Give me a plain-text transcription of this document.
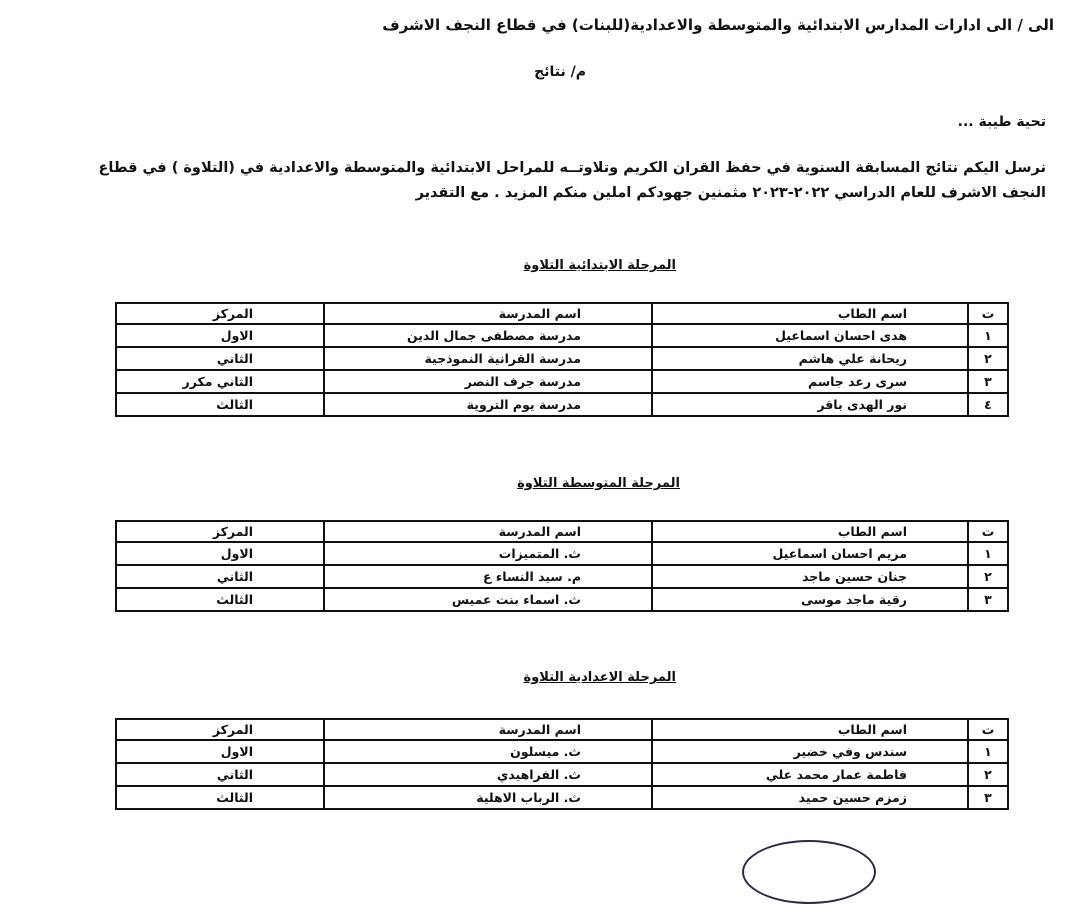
الى / الى ادارات المدارس الابتدائية والمتوسطة والاعدادية(للبنات) في قطاع النجف الاشرف
م/ نتائج
تحية طيبة ...
نرسل اليكم نتائج المسابقة السنوية في حفظ القران الكريم وتلاوتــه للمراحل الابتدائية والمتوسطة والاعدادية في (التلاوة ) في قطاع
النجف الاشرف للعام الدراسي ٢٠٢٢-٢٠٢٣ مثمنين جهودكم املين منكم المزيد . مع التقدير
المرحلة الابتدائية التلاوة
ت	اسم الطاب	اسم المدرسة	المركز
١	هدى احسان اسماعيل	مدرسة مصطفى جمال الدين	الاول
٢	ريحانة علي هاشم	مدرسة القرانية النموذجية	الثاني
٣	سرى رعد جاسم	مدرسة جرف النصر	الثاني مكرر
٤	نور الهدى باقر	مدرسة يوم التروية	الثالث
المرحلة المتوسطة التلاوة
ت	اسم الطاب	اسم المدرسة	المركز
١	مريم احسان اسماعيل	ث. المتميزات	الاول
٢	جنان حسين ماجد	م. سيد النساء ع	الثاني
٣	رقية ماجد موسى	ث. اسماء بنت عميس	الثالث
المرحلة الاعدادية التلاوة
ت	اسم الطاب	اسم المدرسة	المركز
١	سندس وفي خضير	ث. ميسلون	الاول
٢	فاطمة عمار محمد علي	ث. الفراهيدي	الثاني
٣	زمزم حسين حميد	ث. الرباب الاهلية	الثالث
